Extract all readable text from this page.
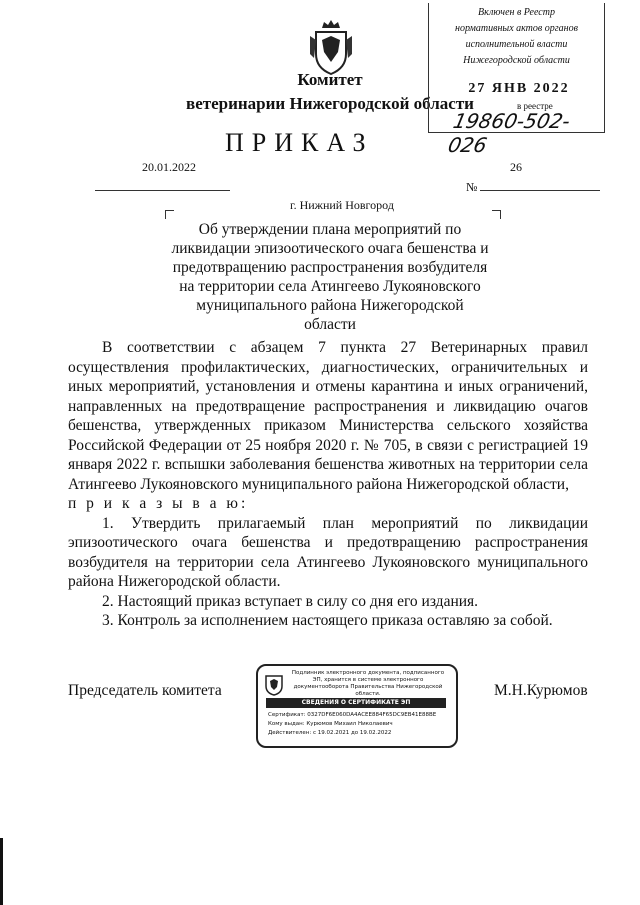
Комитет
ветеринарии Нижегородской области
Включен в Реестр
нормативных актов органов
исполнительной власти
Нижегородской области
27 ЯНВ 2022
в реестре
19860-502-026
ПРИКАЗ
20.01.2022	26
№
г. Нижний Новгород
Об утверждении плана мероприятий по ликвидации эпизоотического очага бешенства и предотвращению распространения возбудителя на территории села Атингеево Лукояновского муниципального района Нижегородской области

В соответствии с абзацем 7 пункта 27 Ветеринарных правил осуществления профилактических, диагностических, ограничительных и иных мероприятий, установления и отмены карантина и иных ограничений, направленных на предотвращение распространения и ликвидацию очагов бешенства, утвержденных приказом Министерства сельского хозяйства Российской Федерации от 25 ноября 2020 г. № 705, в связи с регистрацией 19 января 2022 г. вспышки заболевания бешенства животных на территории села Атингеево Лукояновского муниципального района Нижегородской области,

п р и к а з ы в а ю:

1. Утвердить прилагаемый план мероприятий по ликвидации эпизоотического очага бешенства и предотвращению распространения возбудителя на территории села Атингеево Лукояновского муниципального района Нижегородской области.

2. Настоящий приказ вступает в силу со дня его издания.

3. Контроль за исполнением настоящего приказа оставляю за собой.

Председатель комитета	М.Н.Курюмов
Подлинник электронного документа, подписанного ЭП, хранится в системе электронного документооборота Правительства Нижегородской области.
СВЕДЕНИЯ О СЕРТИФИКАТЕ ЭП
Сертификат: 0327DF6E060DA4ACEE884F65DC9EB41E88BE
Кому выдан: Курюмов Михаил Николаевич
Действителен: с 19.02.2021 до 19.02.2022
